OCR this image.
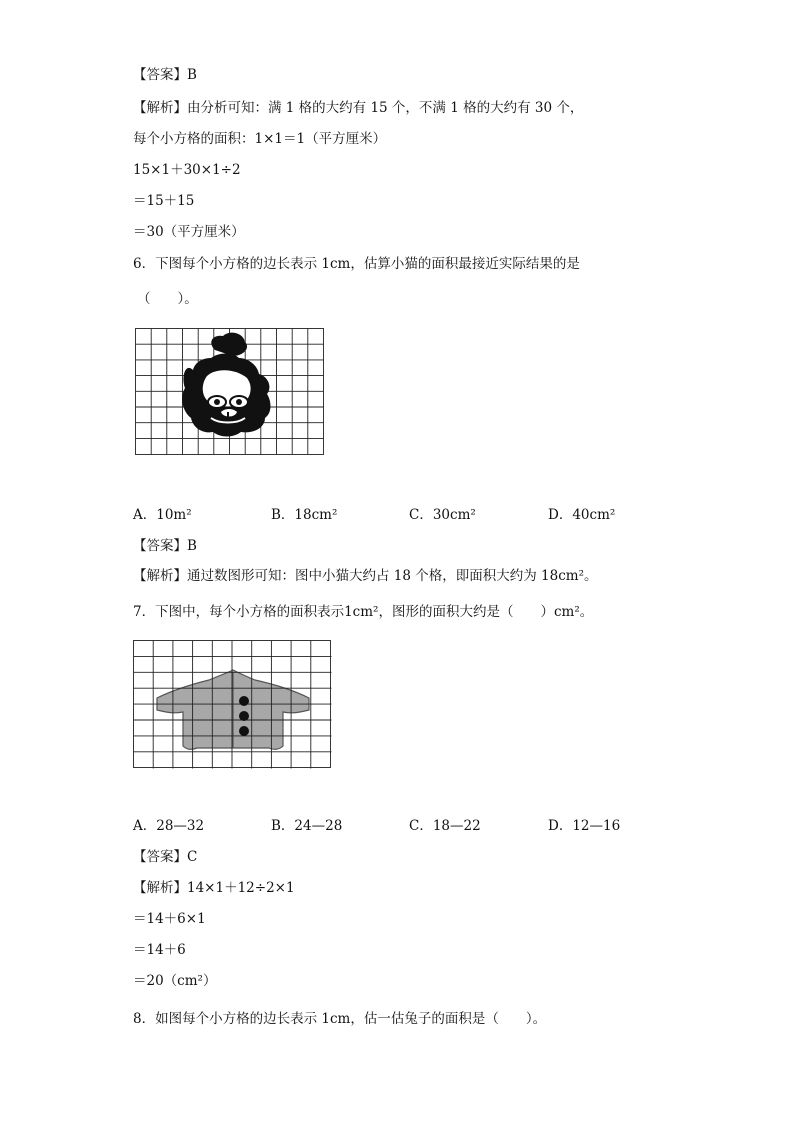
【答案】B
【解析】由分析可知：满 1 格的大约有 15 个，不满 1 格的大约有 30 个，
每个小方格的面积：1×1＝1（平方厘米）
15×1＋30×1÷2
＝15＋15
＝30（平方厘米）
6．下图每个小方格的边长表示 1cm，估算小猫的面积最接近实际结果的是
（　　）。
A．10m²	B．18cm²	C．30cm²	D．40cm²
【答案】B
【解析】通过数图形可知：图中小猫大约占 18 个格，即面积大约为 18cm²。
7．下图中，每个小方格的面积表示1cm²，图形的面积大约是（　　）cm²。
A．28—32	B．24—28	C．18—22	D．12—16
【答案】C
【解析】14×1＋12÷2×1
＝14＋6×1
＝14＋6
＝20（cm²）
8．如图每个小方格的边长表示 1cm，估一估兔子的面积是（　　）。
